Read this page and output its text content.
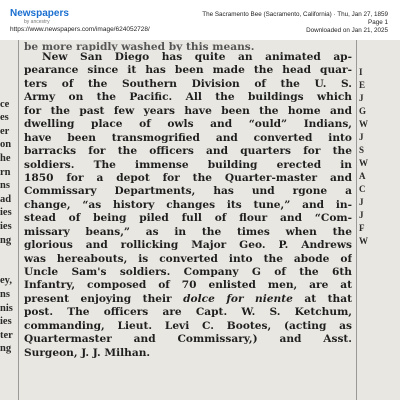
Newspapers
by ancestry
https://www.newspapers.com/image/624052728/
The Sacramento Bee (Sacramento, California) · Thu, Jan 27, 1859
Page 1
Downloaded on Jan 21, 2025
ce
es
er
on
he
rn
ns
ad
ies
ies
ng
ey,
ns
nis
ies
ter
ng
be more rapidly washed by this means.
New San Diego has quite an animated ap-
pearance since it has been made the head quar-
ters of the Southern Division of the U. S.
Army on the Pacific. All the buildings which
for the past few years have been the home and
dwelling place of owls and “ould” Indians,
have been transmogrified and converted into
barracks for the officers and quarters for the
soldiers. The immense building erected in
1850 for a depot for the Quarter-master and
Commissary Departments, has und rgone a
change, “as history changes its tune,” and in-
stead of being piled full of flour and “Com-
missary beans,” as in the times when the
glorious and rollicking Major Geo. P. Andrews
was hereabouts, is converted into the abode of
Uncle Sam's soldiers. Company G of the 6th
Infantry, composed of 70 enlisted men, are at
present enjoying their dolce for niente at that
post. The officers are Capt. W. S. Ketchum,
commanding, Lieut. Levi C. Bootes, (acting as
Quartermaster and Commissary,) and Asst.
Surgeon, J. J. Milhan.
I
E
J
G
W
J
S
W
A
C
J
J
F
W
